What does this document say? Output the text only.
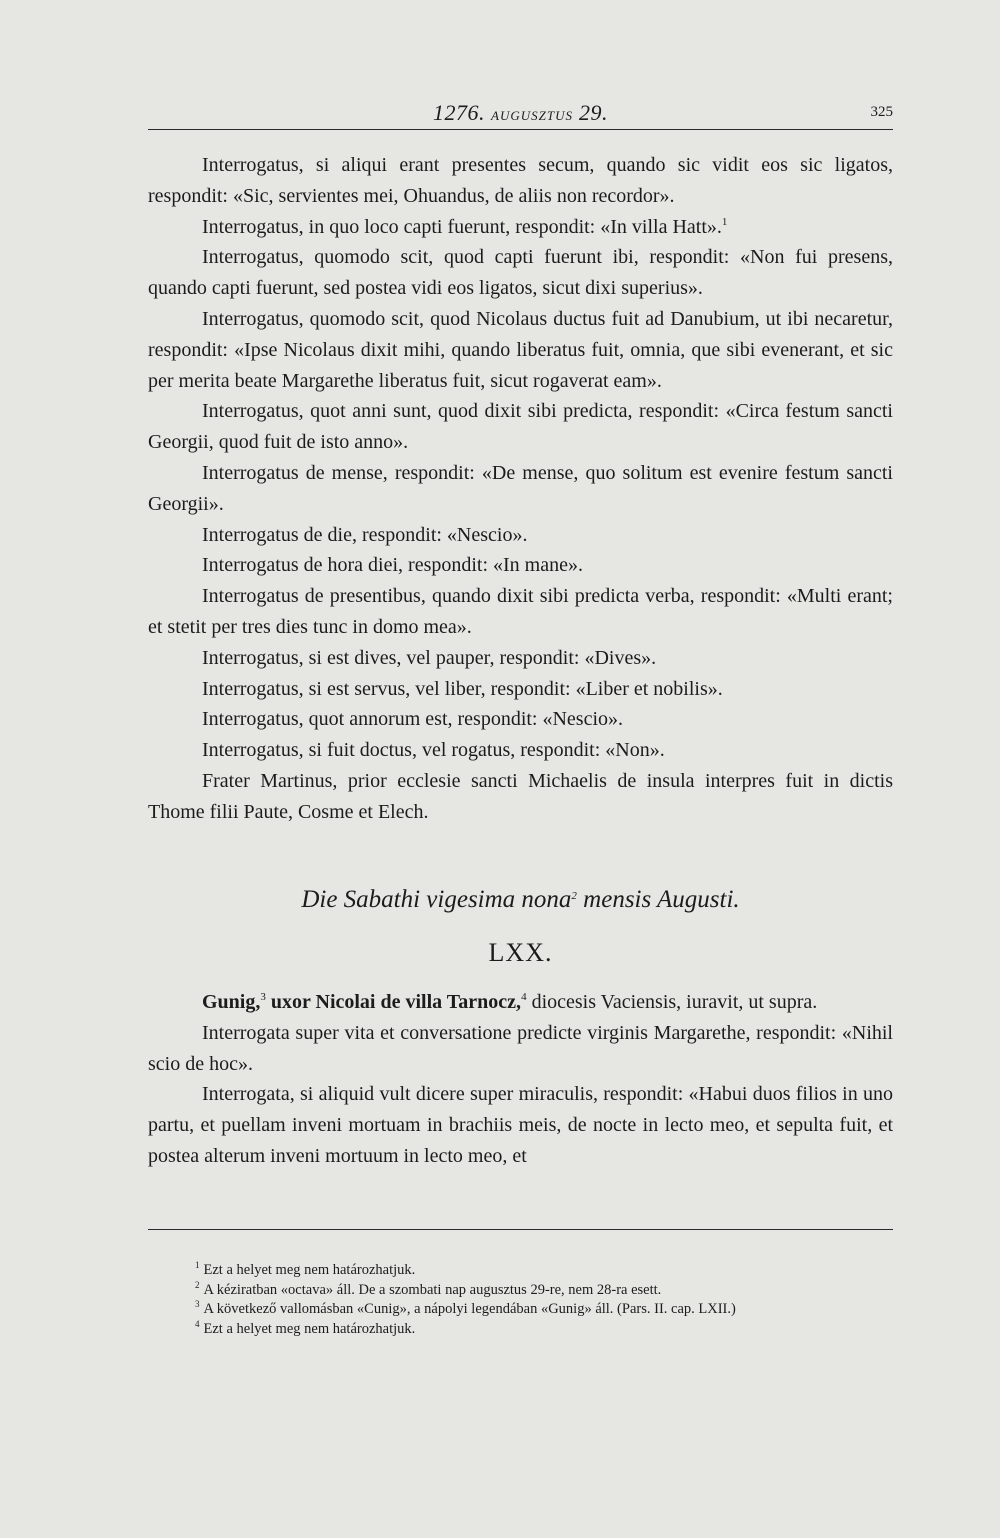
1276. AUGUSZTUS 29.	325

Interrogatus, si aliqui erant presentes secum, quando sic vidit eos sic ligatos, respondit: «Sic, servientes mei, Ohuandus, de aliis non recordor».

Interrogatus, in quo loco capti fuerunt, respondit: «In villa Hatt».$^1$

Interrogatus, quomodo scit, quod capti fuerunt ibi, respondit: «Non fui presens, quando capti fuerunt, sed postea vidi eos ligatos, sicut dixi superius».

Interrogatus, quomodo scit, quod Nicolaus ductus fuit ad Danubium, ut ibi necaretur, respondit: «Ipse Nicolaus dixit mihi, quando liberatus fuit, omnia, que sibi evenerant, et sic per merita beate Margarethe liberatus fuit, sicut rogaverat eam».

Interrogatus, quot anni sunt, quod dixit sibi predicta, respondit: «Circa festum sancti Georgii, quod fuit de isto anno».

Interrogatus de mense, respondit: «De mense, quo solitum est evenire festum sancti Georgii».

Interrogatus de die, respondit: «Nescio».

Interrogatus de hora diei, respondit: «In mane».

Interrogatus de presentibus, quando dixit sibi predicta verba, respondit: «Multi erant; et stetit per tres dies tunc in domo mea».

Interrogatus, si est dives, vel pauper, respondit: «Dives».

Interrogatus, si est servus, vel liber, respondit: «Liber et nobilis».

Interrogatus, quot annorum est, respondit: «Nescio».

Interrogatus, si fuit doctus, vel rogatus, respondit: «Non».

Frater Martinus, prior ecclesie sancti Michaelis de insula interpres fuit in dictis Thome filii Paute, Cosme et Elech.

Die Sabathi vigesima nona$^2$ mensis Augusti.
LXX.

Gunig,$^3$ uxor Nicolai de villa Tarnocz,$^4$ diocesis Vaciensis, iuravit, ut supra.

Interrogata super vita et conversatione predicte virginis Margarethe, respondit: «Nihil scio de hoc».

Interrogata, si aliquid vult dicere super miraculis, respondit: «Habui duos filios in uno partu, et puellam inveni mortuam in brachiis meis, de nocte in lecto meo, et sepulta fuit, et postea alterum inveni mortuum in lecto meo, et

$^1$ Ezt a helyet meg nem határozhatjuk.
$^2$ A kéziratban «octava» áll. De a szombati nap augusztus 29-re, nem 28-ra esett.
$^3$ A következő vallomásban «Cunig», a nápolyi legendában «Gunig» áll. (Pars. II. cap. LXII.)
$^4$ Ezt a helyet meg nem határozhatjuk.
